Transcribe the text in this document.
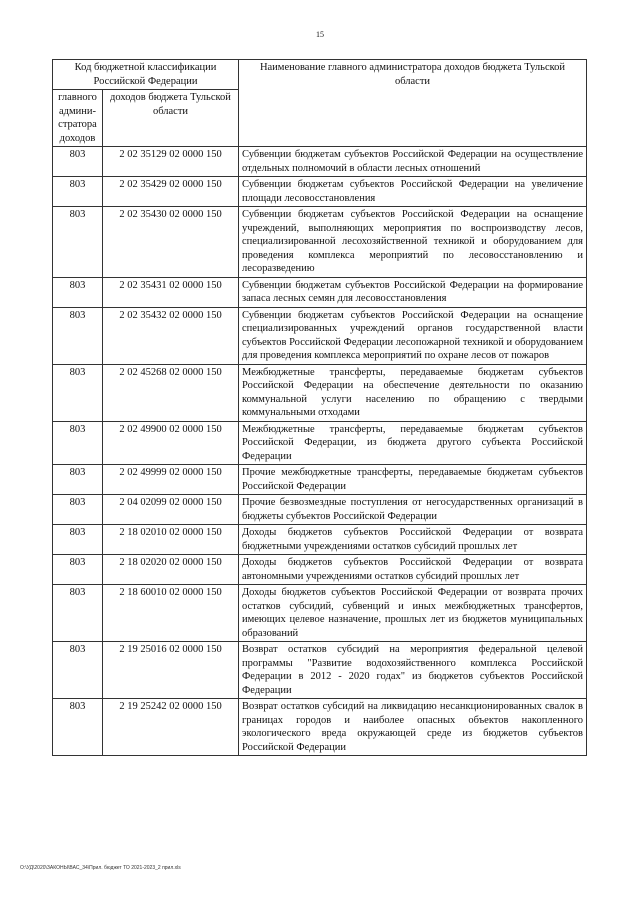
15
Код бюджетной классификации Российской Федерации		Наименование главного администратора доходов бюджета Тульской области
главного админи-стратора доходов	доходов бюджета Тульской области	
803	2 02 35129 02 0000 150	Субвенции бюджетам субъектов Российской Федерации на осуществление отдельных полномочий в области лесных отношений
803	2 02 35429 02 0000 150	Субвенции бюджетам субъектов Российской Федерации на увеличение площади лесовосстановления
803	2 02 35430 02 0000 150	Субвенции бюджетам субъектов Российской Федерации на оснащение учреждений, выполняющих мероприятия по воспроизводству лесов, специализированной лесохозяйственной техникой и оборудованием для проведения комплекса мероприятий по лесовосстановлению и лесоразведению
803	2 02 35431 02 0000 150	Субвенции бюджетам субъектов Российской Федерации на формирование запаса лесных семян для лесовосстановления
803	2 02 35432 02 0000 150	Субвенции бюджетам субъектов Российской Федерации на оснащение специализированных учреждений органов государственной власти субъектов Российской Федерации лесопожарной техникой и оборудованием для проведения комплекса мероприятий по охране лесов от пожаров
803	2 02 45268 02 0000 150	Межбюджетные трансферты, передаваемые бюджетам субъектов Российской Федерации на обеспечение деятельности по оказанию коммунальной услуги населению по обращению с твердыми коммунальными отходами
803	2 02 49900 02 0000 150	Межбюджетные трансферты, передаваемые бюджетам субъектов Российской Федерации, из бюджета другого субъекта Российской Федерации
803	2 02 49999 02 0000 150	Прочие межбюджетные трансферты, передаваемые бюджетам субъектов Российской Федерации
803	2 04 02099 02 0000 150	Прочие безвозмездные поступления от негосударственных организаций в бюджеты субъектов Российской Федерации
803	2 18 02010 02 0000 150	Доходы бюджетов субъектов Российской Федерации от возврата бюджетными учреждениями остатков субсидий прошлых лет
803	2 18 02020 02 0000 150	Доходы бюджетов субъектов Российской Федерации от возврата автономными учреждениями остатков субсидий прошлых лет
803	2 18 60010 02 0000 150	Доходы бюджетов субъектов Российской Федерации от возврата прочих остатков субсидий, субвенций и иных межбюджетных трансфертов, имеющих целевое назначение, прошлых лет из бюджетов муниципальных образований
803	2 19 25016 02 0000 150	Возврат остатков субсидий на мероприятия федеральной целевой программы "Развитие водохозяйственного комплекса Российской Федерации в 2012 - 2020 годах" из бюджетов субъектов Российской Федерации
803	2 19 25242 02 0000 150	Возврат остатков субсидий на ликвидацию несанкционированных свалок в границах городов и наиболее опасных объектов накопленного экологического вреда окружающей среде из бюджетов субъектов Российской Федерации
O:\УД\2020\ЗАКОНЫ\ВАС_34\Прил. бюджет ТО 2021-2023_2 прил.xls
